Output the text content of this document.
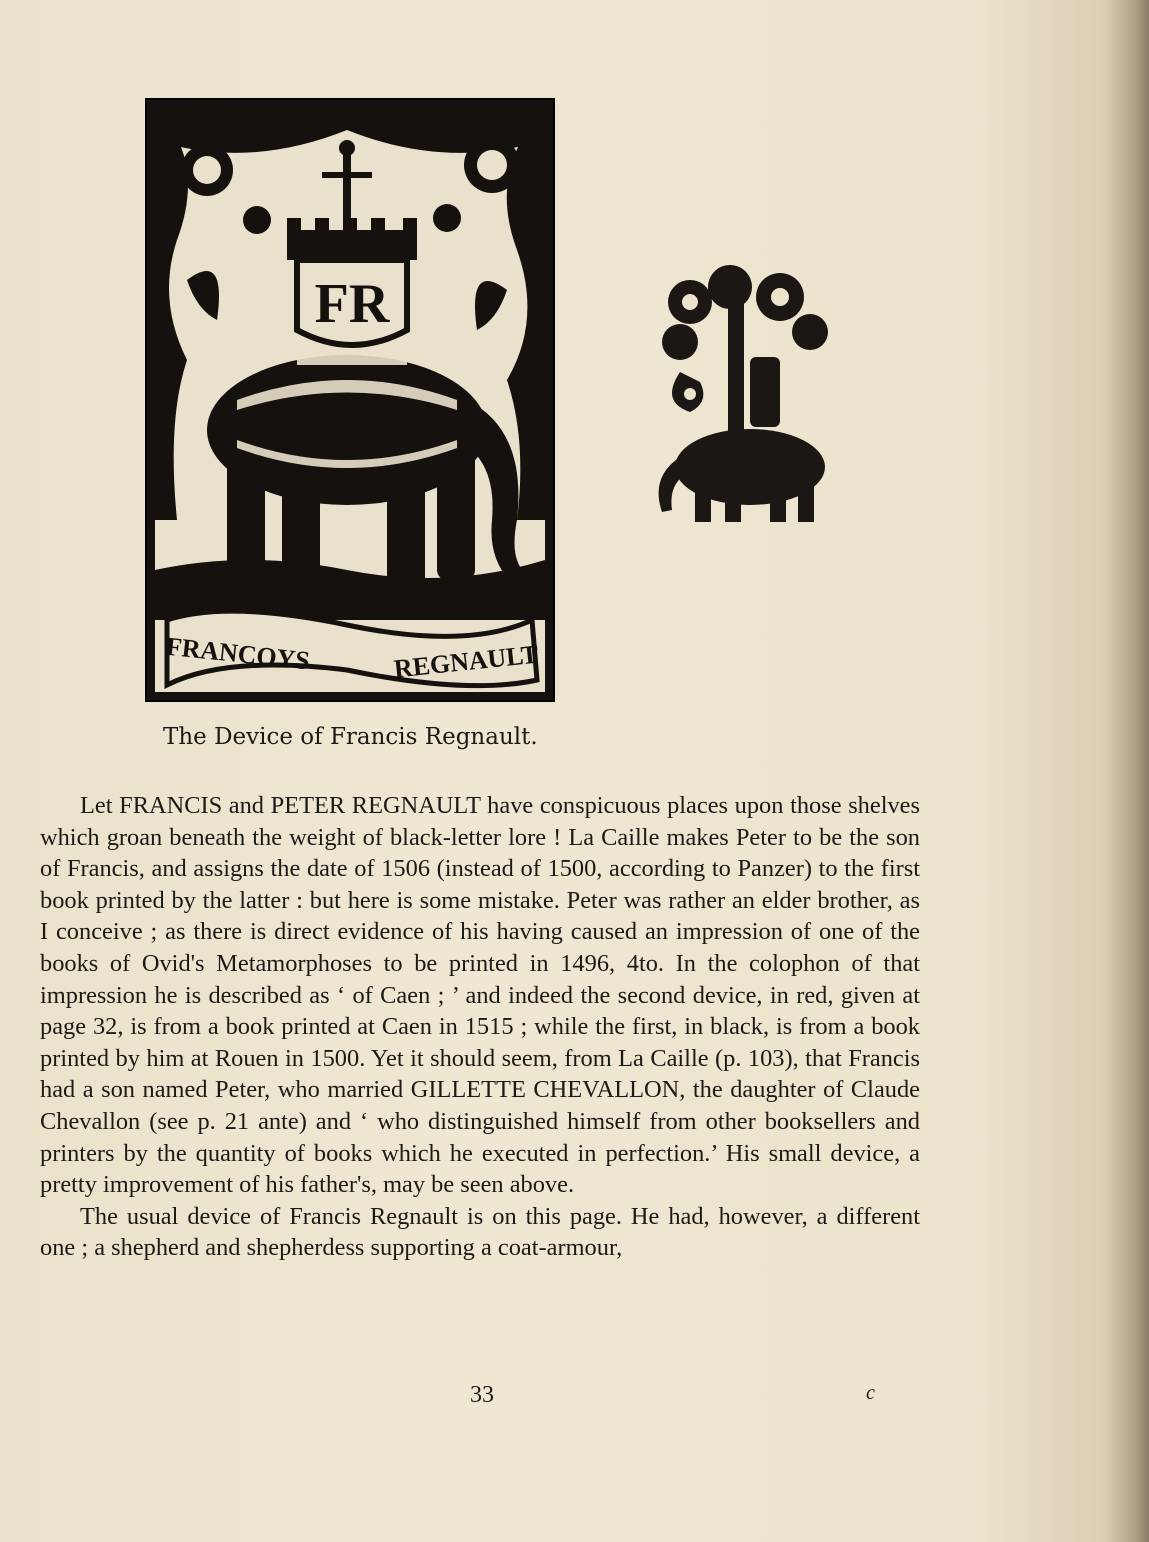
FR
FRANCOYS	REGNAULT
The Device of Francis Regnault.

Let FRANCIS and PETER REGNAULT have conspicuous places upon those shelves which groan beneath the weight of black-letter lore ! La Caille makes Peter to be the son of Francis, and assigns the date of 1506 (instead of 1500, according to Panzer) to the first book printed by the latter : but here is some mistake. Peter was rather an elder brother, as I conceive ; as there is direct evidence of his having caused an impression of one of the books of Ovid's Metamorphoses to be printed in 1496, 4to. In the colophon of that impression he is described as ‘ of Caen ; ’ and indeed the second device, in red, given at page 32, is from a book printed at Caen in 1515 ; while the first, in black, is from a book printed by him at Rouen in 1500. Yet it should seem, from La Caille (p. 103), that Francis had a son named Peter, who married GILLETTE CHEVALLON, the daughter of Claude Chevallon (see p. 21 ante) and ‘ who distinguished himself from other booksellers and printers by the quantity of books which he executed in perfection.’ His small device, a pretty improvement of his father's, may be seen above.

The usual device of Francis Regnault is on this page. He had, however, a different one ; a shepherd and shepherdess supporting a coat-armour,

33	c
